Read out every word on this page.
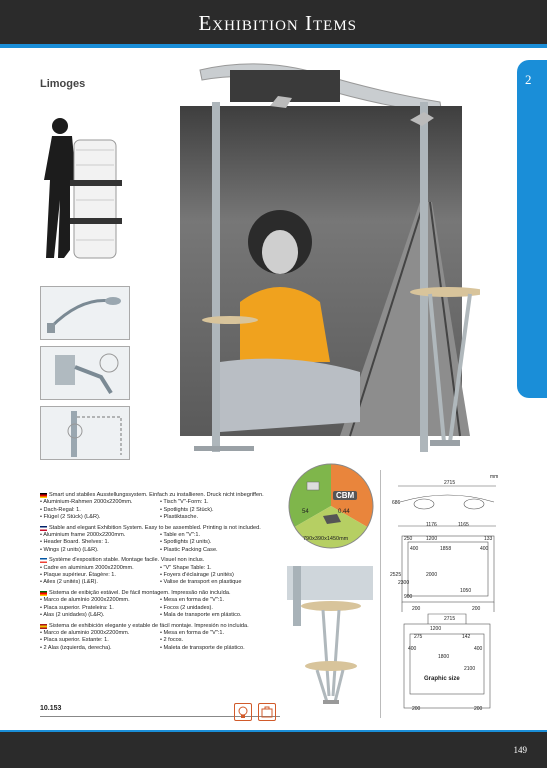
Exhibition Items
2
Limoges
CBM
54	0.44
790x390x1450mm
mm
2715
686
1176	1165
250	1200	133
400	1858	400
2525
2300
2000
900
1050
200	200
2715
1200
275	142
400
1800
400
2100
Graphic size
200	200
Smart und stabiles Ausstellungssystem. Einfach zu installieren. Druck nicht inbegriffen.
• Aluminium-Rahmen 2000x2200mm.
• Dach-Regal: 1.
• Flügel (2 Stück) (L&R).
• Tisch "V"-Form: 1.
• Spotlights (2 Stück).
• Plastiktasche.
Stable and elegant Exhibition System. Easy to be assembled. Printing is not included.
• Aluminium frame 2000x2200mm.
• Header Board. Shelves: 1.
• Wings (2 units) (L&R).
• Table en "V":1.
• Spotlights (2 units).
• Plastic Packing Case.
Système d'exposition stable. Montage facile. Visuel non inclus.
• Cadre en aluminium 2000x2200mm.
• Plaque supérieur. Étagère: 1.
• Ailes (2 unités) (L&R).
• "V" Shape Table: 1.
• Foyers d'éclairage (2 unités)
• Valise de transport en plastique
Sistema de exibição estável. De fácil montagem. Impressão não incluída.
• Marco de alumínio 2000x2200mm.
• Placa superior. Prateleira: 1.
• Alas (2 unidades) (L&R).
• Mesa en forma de "V":1.
• Focos (2 unidades).
• Mala de transporte em plástico.
Sistema de exhibición elegante y estable de fácil montaje. Impresión no incluida.
• Marco de aluminio 2000x2200mm.
• Placa superior. Estante: 1.
• 2 Alas (izquierda, derecha).
• Mesa en forma de "V":1.
• 2 focos.
• Maleta de transporte de plástico.
10.153
149
